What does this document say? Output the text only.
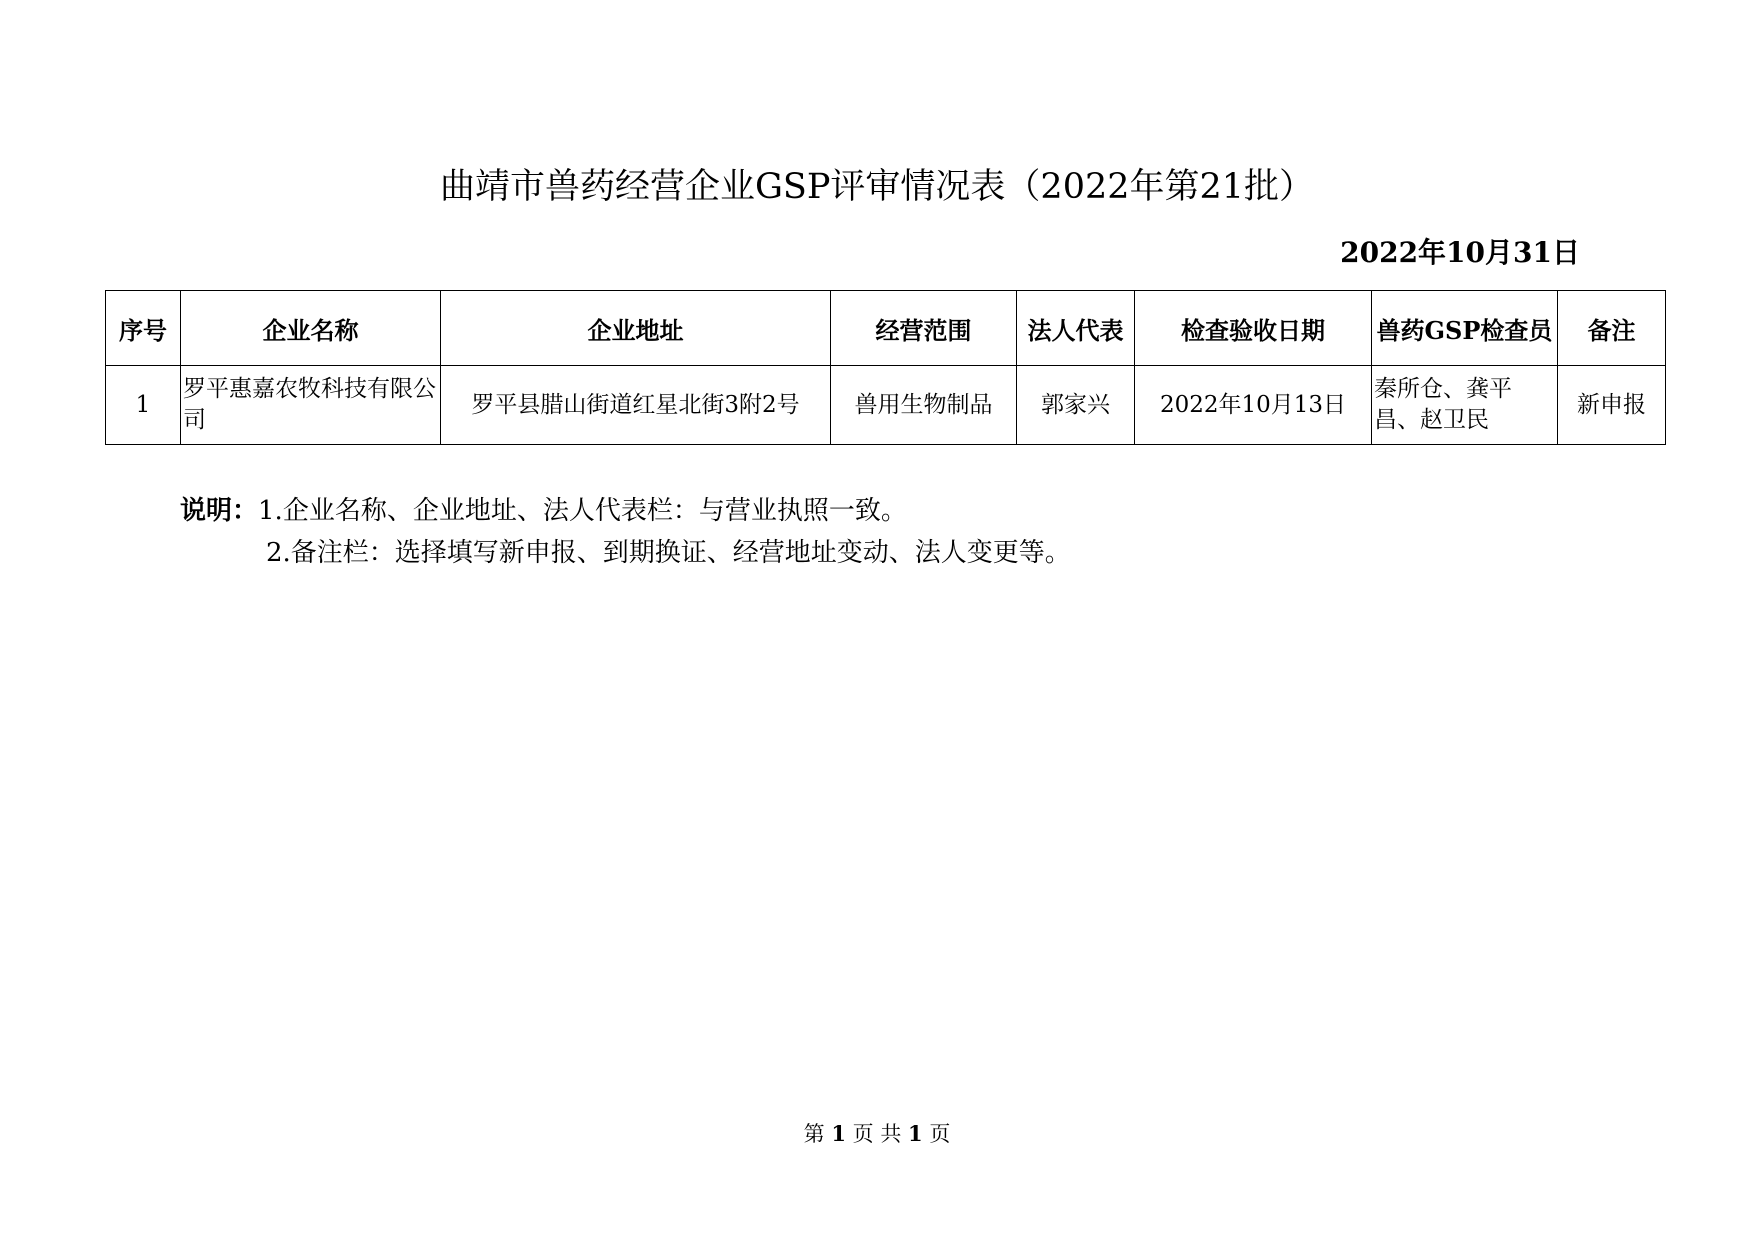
曲靖市兽药经营企业GSP评审情况表（2022年第21批）
2022年10月31日
序号	企业名称	企业地址	经营范围	法人代表	检查验收日期	兽药GSP检查员	备注
1	罗平惠嘉农牧科技有限公司	罗平县腊山街道红星北街3附2号	兽用生物制品	郭家兴	2022年10月13日	秦所仓、龚平昌、赵卫民	新申报
说明：1.企业名称、企业地址、法人代表栏：与营业执照一致。
2.备注栏：选择填写新申报、到期换证、经营地址变动、法人变更等。
第 1 页 共 1 页
